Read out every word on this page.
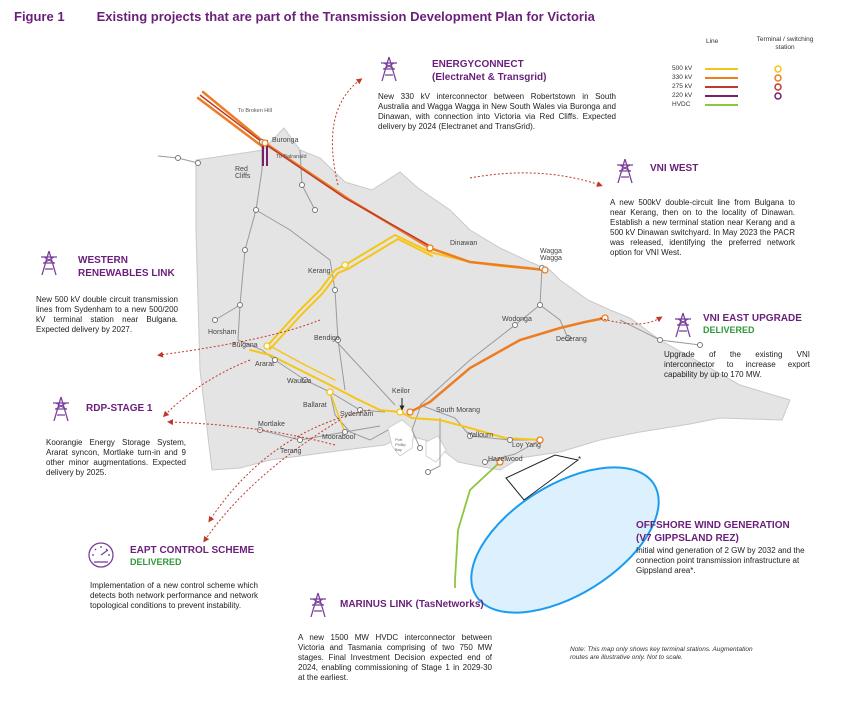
Figure 1 Existing projects that are part of the Transmission Development Plan for Victoria
*
Line	Terminal / switching station
500 kV
330 kV
275 kV
220 kV
HVDC
To Broken Hill
Buronga
To Balranald
Red Cliffs
Dinawan
Wagga Wagga
Kerang
Wodonga
Dederang
Horsham
Bulgana
Bendigo
Ararat
Waubra
Ballarat
Keilor
Sydenham
South Morang
Mortlake
Moorabool
Terang
Port Phillip Bay
Yallourn
Loy Yang
Hazelwood
ENERGYCONNECT
(ElectraNet & Transgrid)
New 330 kV interconnector between Robertstown in South Australia and Wagga Wagga in New South Wales via Buronga and Dinawan, with connection into Victoria via Red Cliffs. Expected delivery by 2024 (Electranet and TransGrid).
VNI WEST
A new 500kV double-circuit line from Bulgana to near Kerang, then on to the locality of Dinawan. Establish a new terminal station near Kerang and a 500 kV Dinawan switchyard. In May 2023 the PACR was released, identifying the preferred network option for VNI West.
WESTERN
RENEWABLES LINK
New 500 kV double circuit transmission lines from Sydenham to a new 500/200 kV terminal station near Bulgana. Expected delivery by 2027.
VNI EAST UPGRADE
DELIVERED
Upgrade of the existing VNI interconnector to increase export capability by up to 170 MW.
RDP-STAGE 1
Koorangie Energy Storage System, Ararat syncon, Mortlake turn-in and 9 other minor augmentations. Expected delivery by 2025.
EAPT CONTROL SCHEME
DELIVERED
Implementation of a new control scheme which detects both network performance and network topological conditions to prevent instability.	MARINUS LINK (TasNetworks)
A new 1500 MW HVDC interconnector between Victoria and Tasmania comprising of two 750 MW stages. Final Investment Decision expected end of 2024, enabling commissioning of Stage 1 in 2029-30 at the earliest.
OFFSHORE WIND GENERATION
(V7 GIPPSLAND REZ)
Initial wind generation of 2 GW by 2032 and the connection point transmission infrastructure at Gippsland area*.
Note: This map only shows key terminal stations. Augmentation routes are illustrative only. Not to scale.
